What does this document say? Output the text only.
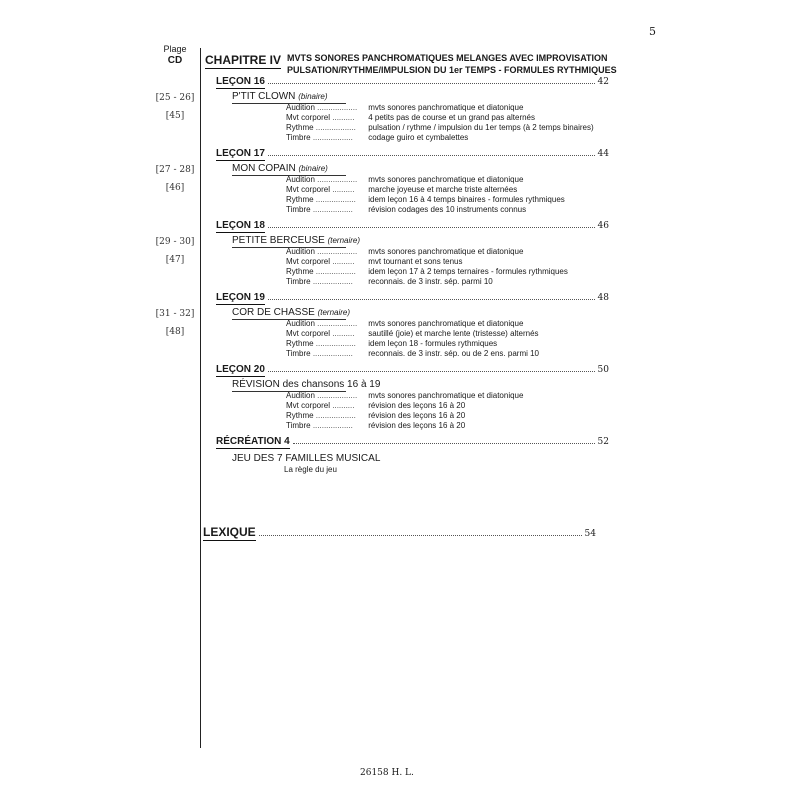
5
Plage
CD	CHAPITRE IV MVTS SONORES PANCHROMATIQUES MELANGES AVEC IMPROVISATION
PULSATION/RYTHME/IMPULSION DU 1er TEMPS - FORMULES RYTHMIQUES
LEÇON 16	42
P'TIT CLOWN (binaire)
[25 - 26]
[45]
Audition .................. mvts sonores panchromatique et diatonique
Mvt corporel .......... 4 petits pas de course et un grand pas alternés
Rythme .................. pulsation / rythme / impulsion du 1er temps (à 2 temps binaires)
Timbre .................. codage guiro et cymbalettes
LEÇON 17	44
MON COPAIN (binaire)
[27 - 28]
[46]
Audition .................. mvts sonores panchromatique et diatonique
Mvt corporel .......... marche joyeuse et marche triste alternées
Rythme .................. idem leçon 16 à 4 temps binaires - formules rythmiques
Timbre .................. révision codages des 10 instruments connus
LEÇON 18	46
PETITE BERCEUSE (ternaire)
[29 - 30]
[47]
Audition .................. mvts sonores panchromatique et diatonique
Mvt corporel .......... mvt tournant et sons tenus
Rythme .................. idem leçon 17 à 2 temps ternaires - formules rythmiques
Timbre .................. reconnais. de 3 instr. sép. parmi 10
LEÇON 19	48
COR DE CHASSE (ternaire)
[31 - 32]
[48]
Audition .................. mvts sonores panchromatique et diatonique
Mvt corporel .......... sautillé (joie) et marche lente (tristesse) alternés
Rythme .................. idem leçon 18 - formules rythmiques
Timbre .................. reconnais. de 3 instr. sép. ou de 2 ens. parmi 10
LEÇON 20	50
RÉVISION des chansons 16 à 19
Audition .................. mvts sonores panchromatique et diatonique
Mvt corporel .......... révision des leçons 16 à 20
Rythme .................. révision des leçons 16 à 20
Timbre .................. révision des leçons 16 à 20
RÉCRÉATION 4	52
JEU DES 7 FAMILLES MUSICAL
La règle du jeu
LEXIQUE	54
26158 H. L.
